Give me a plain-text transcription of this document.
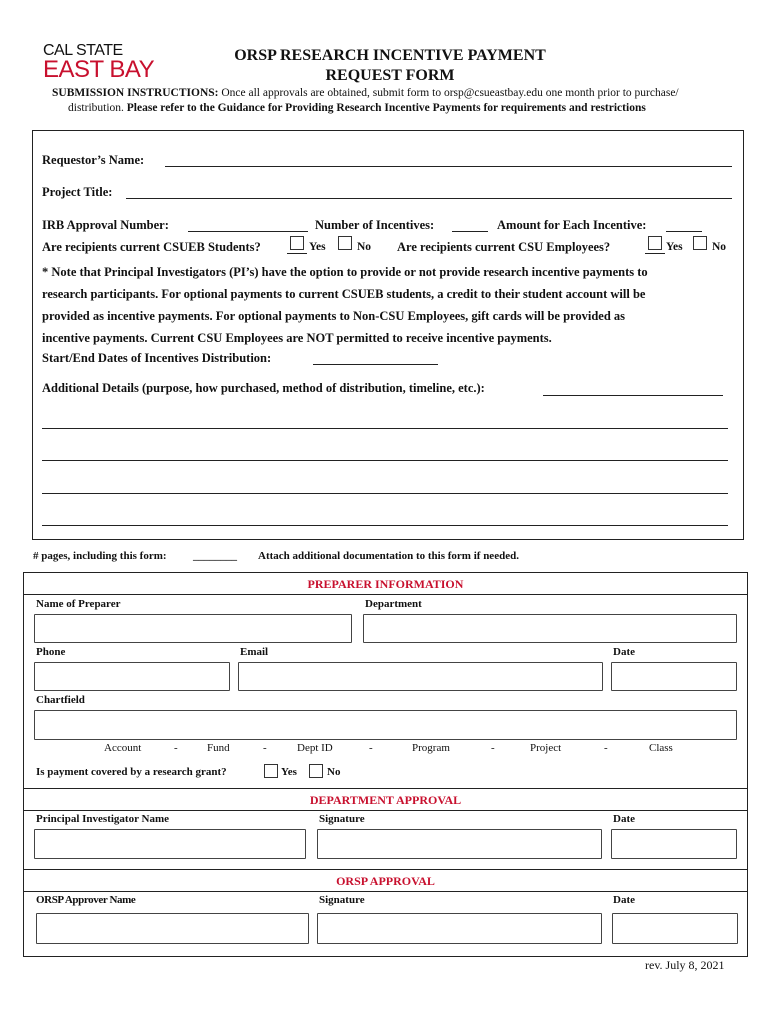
CAL STATE
EAST BAY
ORSP RESEARCH INCENTIVE PAYMENT
REQUEST FORM
SUBMISSION INSTRUCTIONS: Once all approvals are obtained, submit form to orsp@csueastbay.edu one month prior to purchase/
distribution. Please refer to the Guidance for Providing Research Incentive Payments for requirements and restrictions
Requestor’s Name:
Project Title:
IRB Approval Number:	Number of Incentives:	Amount for Each Incentive:
Are recipients current CSUEB Students?	Yes	No Are recipients current CSU Employees?	Yes	No
* Note that Principal Investigators (PI’s) have the option to provide or not provide research incentive payments to
research participants. For optional payments to current CSUEB students, a credit to their student account will be
provided as incentive payments. For optional payments to Non-CSU Employees, gift cards will be provided as
incentive payments. Current CSU Employees are NOT permitted to receive incentive payments.
Start/End Dates of Incentives Distribution:
Additional Details (purpose, how purchased, method of distribution, timeline, etc.):
# pages, including this form: ________ Attach additional documentation to this form if needed.
PREPARER INFORMATION
Name of Preparer	Department
Phone	Email	Date
Chartfield
Account	-	Fund	-	Dept ID	-	Program	-	Project	-	Class
Is payment covered by a research grant?	Yes	No
DEPARTMENT APPROVAL
Principal Investigator Name	Signature	Date
ORSP APPROVAL
ORSP Approver Name	Signature	Date
rev. July 8, 2021
